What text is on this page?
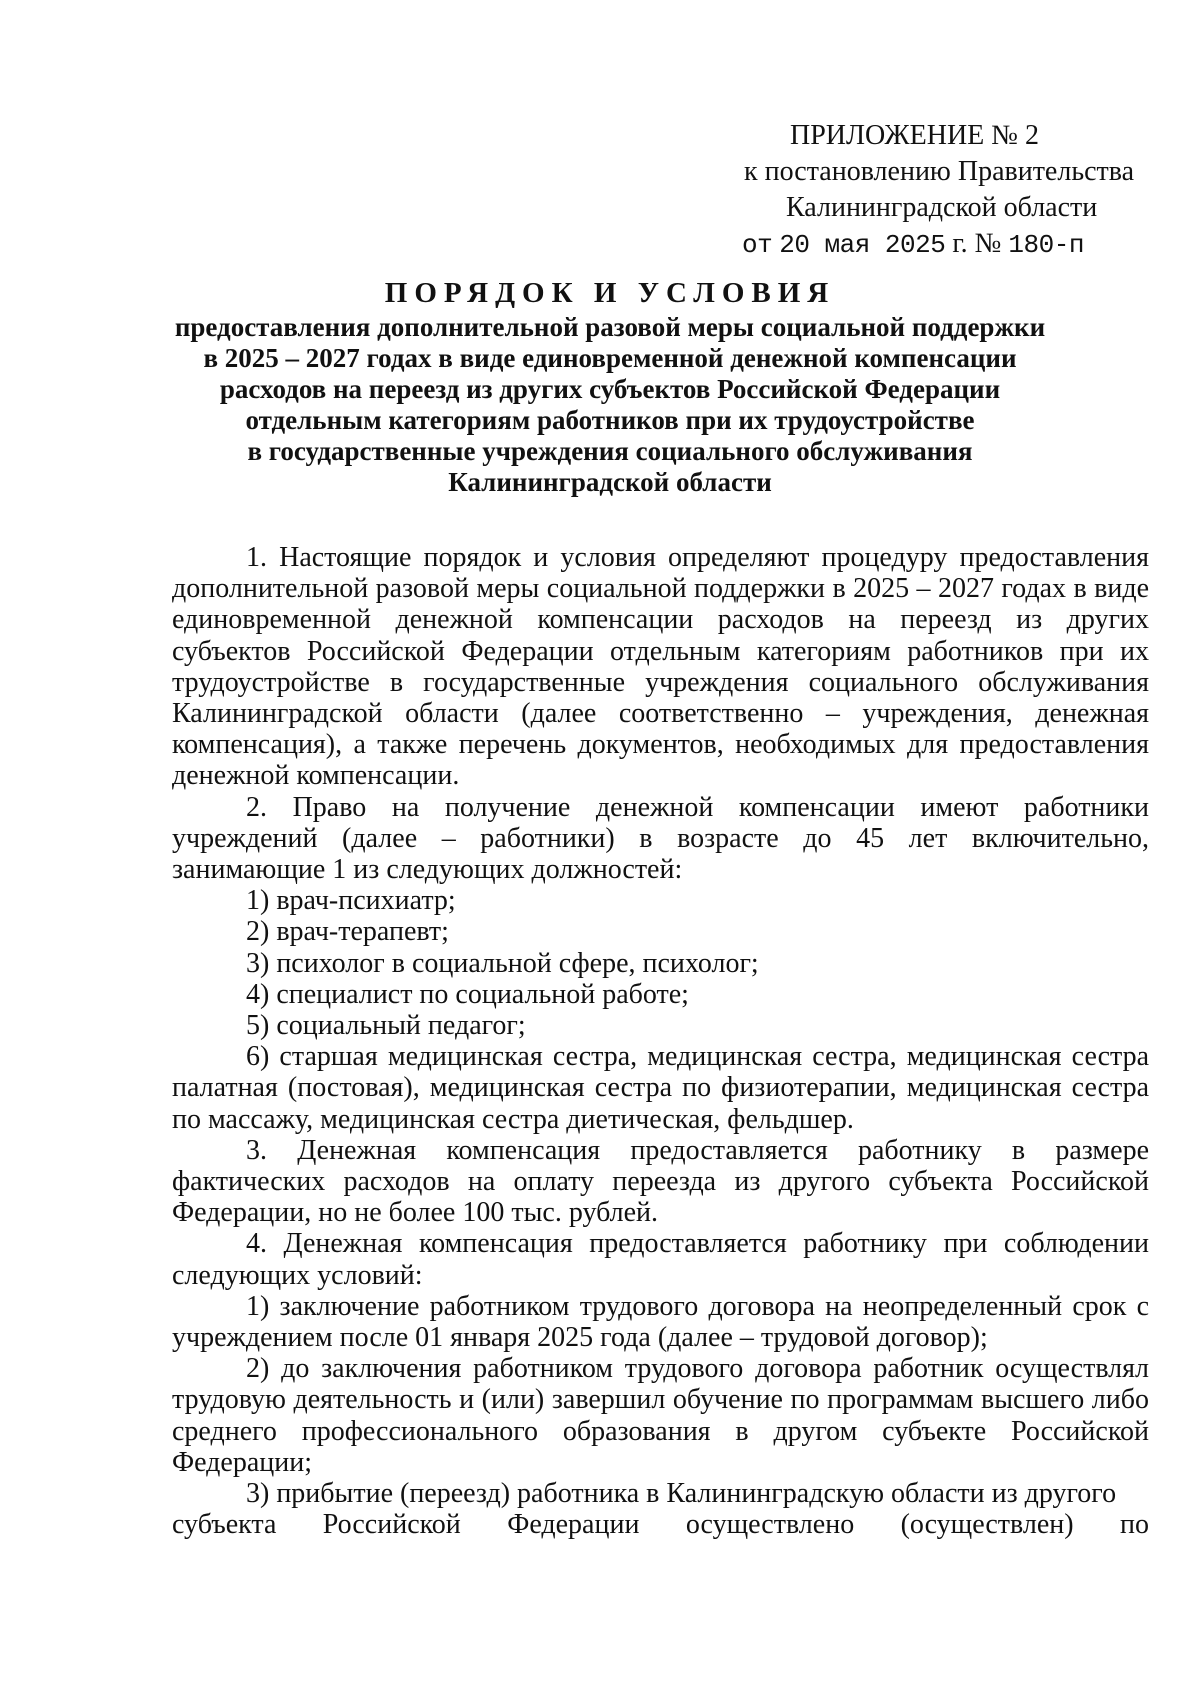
ПРИЛОЖЕНИЕ № 2
к постановлению Правительства
Калининградской области
от 20 мая 2025 г. № 180-п
ПОРЯДОК И УСЛОВИЯ
предоставления дополнительной разовой меры социальной поддержки
в 2025 – 2027 годах в виде единовременной денежной компенсации
расходов на переезд из других субъектов Российской Федерации
отдельным категориям работников при их трудоустройстве
в государственные учреждения социального обслуживания
Калининградской области

1. Настоящие порядок и условия определяют процедуру предоставления дополнительной разовой меры социальной поддержки в 2025 – 2027 годах в виде единовременной денежной компенсации расходов на переезд из других субъектов Российской Федерации отдельным категориям работников при их трудоустройстве в государственные учреждения социального обслуживания Калининградской области (далее соответственно – учреждения, денежная компенсация), а также перечень документов, необходимых для предоставления денежной компенсации.

2. Право на получение денежной компенсации имеют работники учреждений (далее – работники) в возрасте до 45 лет включительно, занимающие 1 из следующих должностей:

1) врач-психиатр;

2) врач-терапевт;

3) психолог в социальной сфере, психолог;

4) специалист по социальной работе;

5) социальный педагог;

6) старшая медицинская сестра, медицинская сестра, медицинская сестра палатная (постовая), медицинская сестра по физиотерапии, медицинская сестра по массажу, медицинская сестра диетическая, фельдшер.

3. Денежная компенсация предоставляется работнику в размере фактических расходов на оплату переезда из другого субъекта Российской Федерации, но не более 100 тыс. рублей.

4. Денежная компенсация предоставляется работнику при соблюдении следующих условий:

1) заключение работником трудового договора на неопределенный срок с учреждением после 01 января 2025 года (далее – трудовой договор);

2) до заключения работником трудового договора работник осуществлял трудовую деятельность и (или) завершил обучение по программам высшего либо среднего профессионального образования в другом субъекте Российской Федерации;

3) прибытие (переезд) работника в Калининградскую области из другого

субъекта Российской Федерации осуществлено (осуществлен) по
